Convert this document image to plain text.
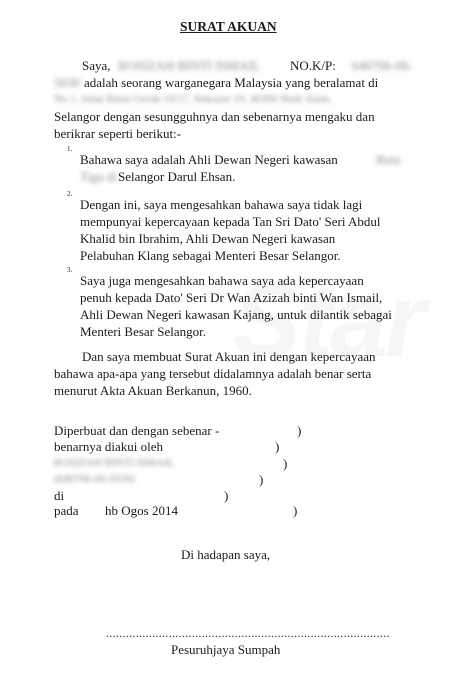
SURAT AKUAN
Saya, ROSIZAH BINTI ISMAIL NO.K/P: 640706-06-
5030 adalah seorang warganegara Malaysia yang beralamat di
No 1, Jalan Batas Gerah 19/27, Seksyen 19, 40300 Shah Alam,
Selangor dengan sesungguhnya dan sebenarnya mengaku dan
berikrar seperti berikut:-
1.
Bahawa saya adalah Ahli Dewan Negeri kawasan	Batu
Tiga di Selangor Darul Ehsan.
2.
Dengan ini, saya mengesahkan bahawa saya tidak lagi
mempunyai kepercayaan kepada Tan Sri Dato' Seri Abdul
Khalid bin Ibrahim, Ahli Dewan Negeri kawasan
Pelabuhan Klang sebagai Menteri Besar Selangor.
3.
Saya juga mengesahkan bahawa saya ada kepercayaan
penuh kepada Dato' Seri Dr Wan Azizah binti Wan Ismail,
Ahli Dewan Negeri kawasan Kajang, untuk dilantik sebagai
Menteri Besar Selangor.
Dan saya membuat Surat Akuan ini dengan kepercayaan
bahawa apa-apa yang tersebut didalamnya adalah benar serta
menurut Akta Akuan Berkanun, 1960.
Diperbuat dan dengan sebenar -	)
benarnya diakui oleh	)
ROSIZAH BINTI ISMAIL	)
(640706-06-5030)	)
di	)
pada hb Ogos 2014	)
Di hadapan saya,
......................................................................................
Pesuruhjaya Sumpah
